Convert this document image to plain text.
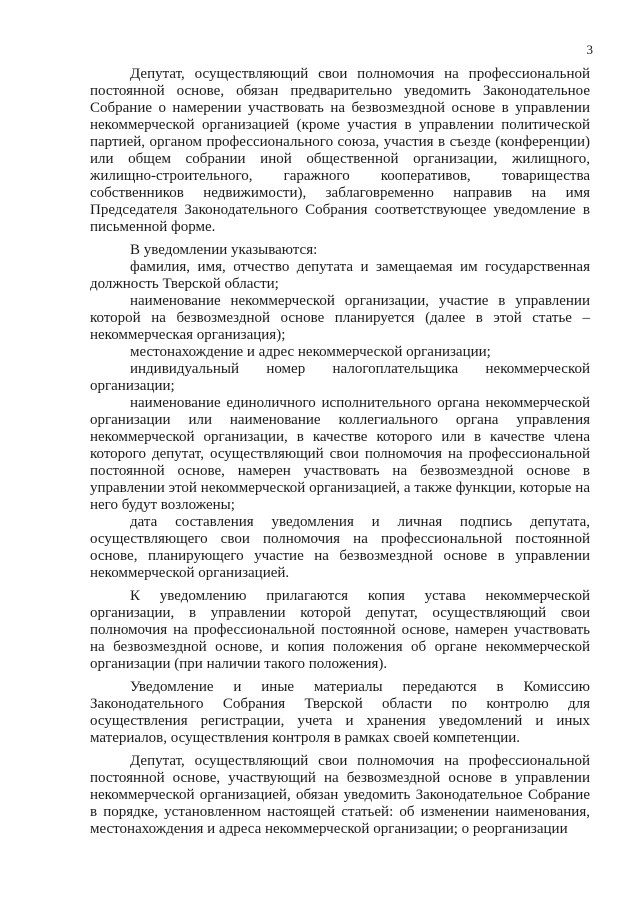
3

Депутат, осуществляющий свои полномочия на профессиональной постоянной основе, обязан предварительно уведомить Законодательное Собрание о намерении участвовать на безвозмездной основе в управлении некоммерческой организацией (кроме участия в управлении политической партией, органом профессионального союза, участия в съезде (конференции) или общем собрании иной общественной организации, жилищного, жилищно-строительного, гаражного кооперативов, товарищества собственников недвижимости), заблаговременно направив на имя Председателя Законодательного Собрания соответствующее уведомление в письменной форме.

В уведомлении указываются:

фамилия, имя, отчество депутата и замещаемая им государственная должность Тверской области;

наименование некоммерческой организации, участие в управлении которой на безвозмездной основе планируется (далее в этой статье – некоммерческая организация);

местонахождение и адрес некоммерческой организации;

индивидуальный номер налогоплательщика некоммерческой организации;

наименование единоличного исполнительного органа некоммерческой организации или наименование коллегиального органа управления некоммерческой организации, в качестве которого или в качестве члена которого депутат, осуществляющий свои полномочия на профессиональной постоянной основе, намерен участвовать на безвозмездной основе в управлении этой некоммерческой организацией, а также функции, которые на него будут возложены;

дата составления уведомления и личная подпись депутата, осуществляющего свои полномочия на профессиональной постоянной основе, планирующего участие на безвозмездной основе в управлении некоммерческой организацией.

К уведомлению прилагаются копия устава некоммерческой организации, в управлении которой депутат, осуществляющий свои полномочия на профессиональной постоянной основе, намерен участвовать на безвозмездной основе, и копия положения об органе некоммерческой организации (при наличии такого положения).

Уведомление и иные материалы передаются в Комиссию Законодательного Собрания Тверской области по контролю для осуществления регистрации, учета и хранения уведомлений и иных материалов, осуществления контроля в рамках своей компетенции.

Депутат, осуществляющий свои полномочия на профессиональной постоянной основе, участвующий на безвозмездной основе в управлении некоммерческой организацией, обязан уведомить Законодательное Собрание в порядке, установленном настоящей статьей: об изменении наименования, местонахождения и адреса некоммерческой организации; о реорганизации
